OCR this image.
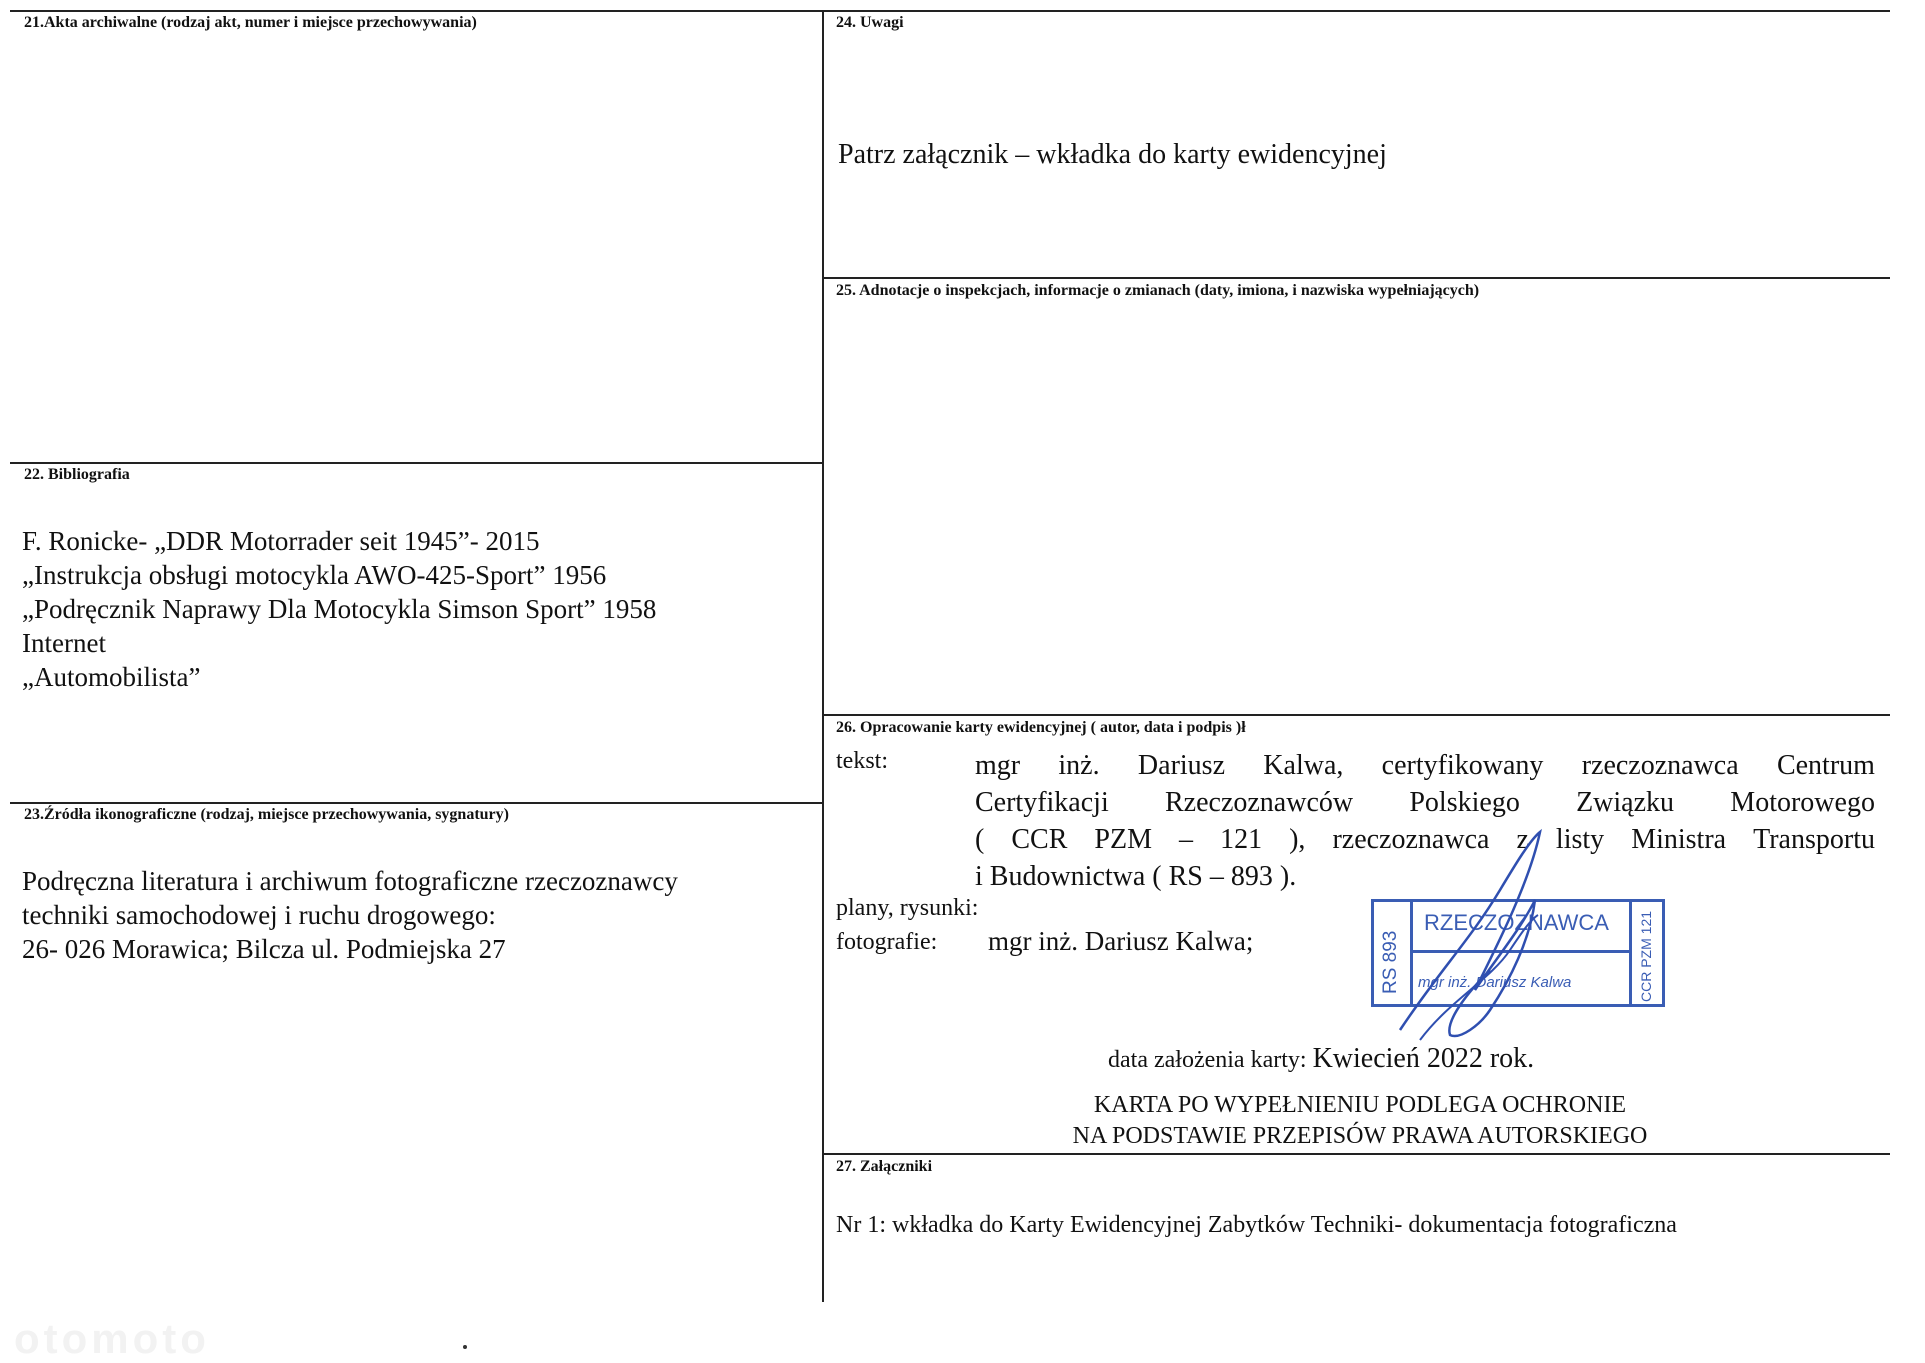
21.Akta archiwalne (rodzaj akt, numer i miejsce przechowywania)
22. Bibliografia
F. Ronicke- „DDR Motorrader seit 1945”- 2015
„Instrukcja obsługi motocykla AWO-425-Sport” 1956
„Podręcznik Naprawy Dla Motocykla Simson Sport” 1958
Internet
„Automobilista”
23.Źródła ikonograficzne (rodzaj, miejsce przechowywania, sygnatury)
Podręczna literatura i archiwum fotograficzne rzeczoznawcy
techniki samochodowej i ruchu drogowego:
26- 026 Morawica; Bilcza ul. Podmiejska 27
24. Uwagi
Patrz załącznik – wkładka do karty ewidencyjnej
25. Adnotacje o inspekcjach, informacje o zmianach (daty, imiona, i nazwiska wypełniających)
26. Opracowanie karty ewidencyjnej ( autor, data i podpis )ł
tekst:	mgr inż. Dariusz Kalwa, certyfikowany rzeczoznawca Centrum
Certyfikacji Rzeczoznawców Polskiego Związku Motorowego
( CCR PZM – 121 ), rzeczoznawca z listy Ministra Transportu
i Budownictwa ( RS – 893 ).
plany, rysunki:
fotografie: mgr inż. Dariusz Kalwa;	RS 893	CCR PZM 121
RZECZOZNAWCA
mgr inż. Dariusz Kalwa
data założenia karty: Kwiecień 2022 rok.
KARTA PO WYPEŁNIENIU PODLEGA OCHRONIE
NA PODSTAWIE PRZEPISÓW PRAWA AUTORSKIEGO
27. Załączniki
Nr 1: wkładka do Karty Ewidencyjnej Zabytków Techniki- dokumentacja fotograficzna
otomoto
